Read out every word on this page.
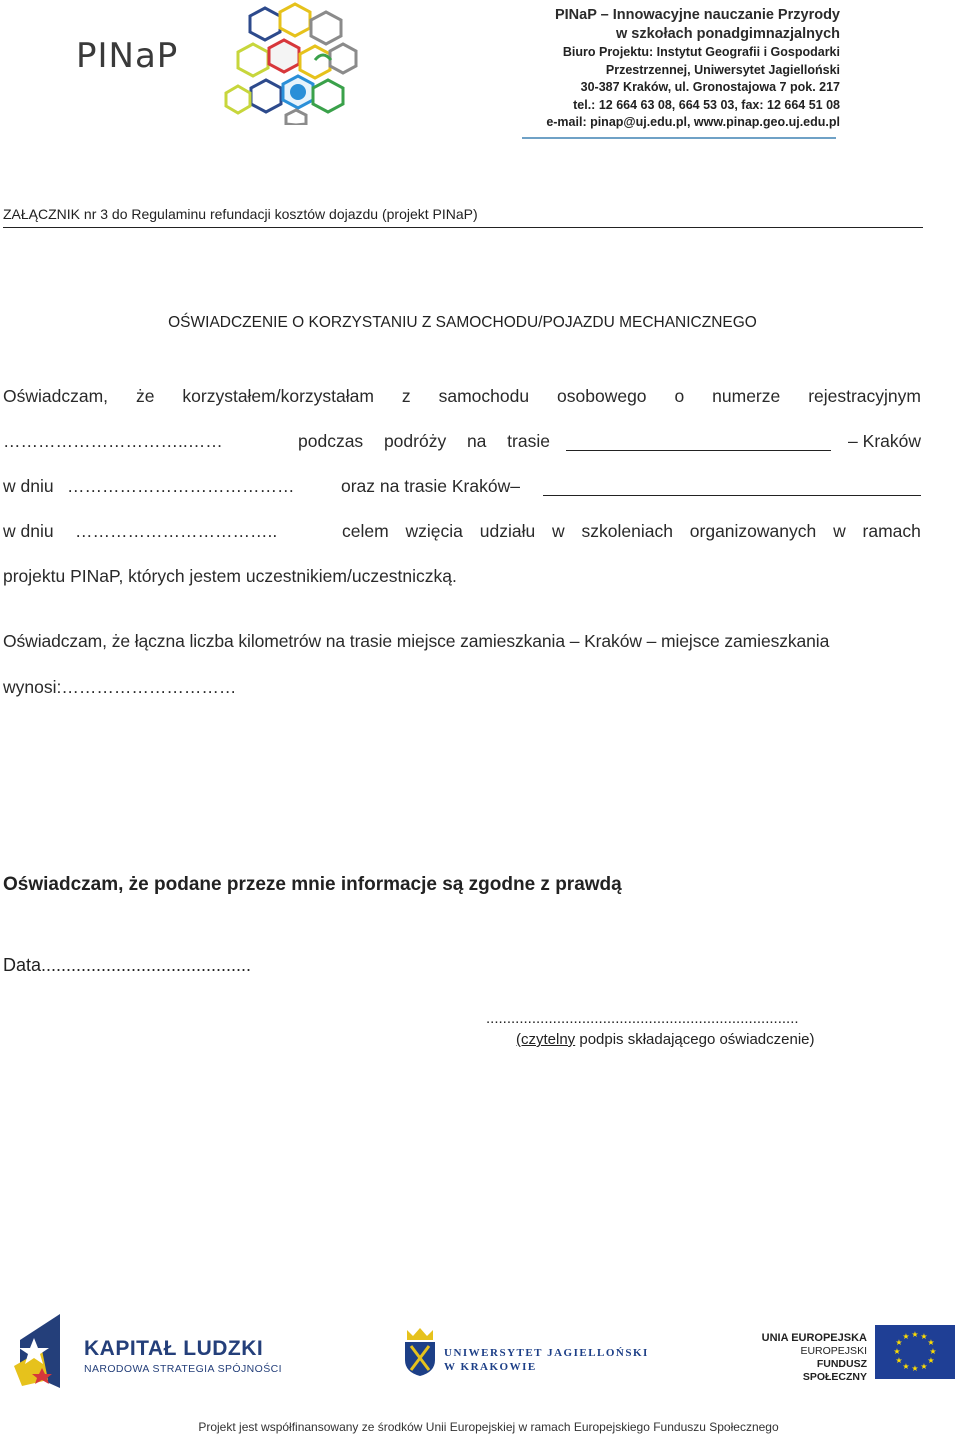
PINaP
PINaP – Innowacyjne nauczanie Przyrody
w szkołach ponadgimnazjalnych
Biuro Projektu: Instytut Geografii i Gospodarki
Przestrzennej, Uniwersytet Jagielloński
30-387 Kraków, ul. Gronostajowa 7 pok. 217
tel.: 12 664 63 08, 664 53 03, fax: 12 664 51 08
e-mail: pinap@uj.edu.pl, www.pinap.geo.uj.edu.pl
ZAŁĄCZNIK nr 3 do Regulaminu refundacji kosztów dojazdu (projekt PINaP)
OŚWIADCZENIE O KORZYSTANIU Z SAMOCHODU/POJAZDU MECHANICZNEGO
Oświadczam, że korzystałem/korzystałam z samochodu osobowego o numerze rejestracyjnym
…………………………..……	podczas podróży na trasie	– Kraków
w dniu …………………………………	oraz na trasie Kraków–
w dniu ……………………………..	celem wzięcia udziału w szkoleniach organizowanych w ramach
projektu PINaP, których jestem uczestnikiem/uczestniczką.
Oświadczam, że łączna liczba kilometrów na trasie miejsce zamieszkania – Kraków – miejsce zamieszkania
wynosi:…………………………
Oświadczam, że podane przeze mnie informacje są zgodne z prawdą
Data..........................................
...........................................................................
(czytelny podpis składającego oświadczenie)
KAPITAŁ LUDZKI
NARODOWA STRATEGIA SPÓJNOŚCI
UNIWERSYTET JAGIELLOŃSKI
W KRAKOWIE
UNIA EUROPEJSKA
EUROPEJSKI
FUNDUSZ SPOŁECZNY
★ ★
★
★
★
★
★
★
★
★
★
★
Projekt jest współfinansowany ze środków Unii Europejskiej w ramach Europejskiego Funduszu Społecznego
